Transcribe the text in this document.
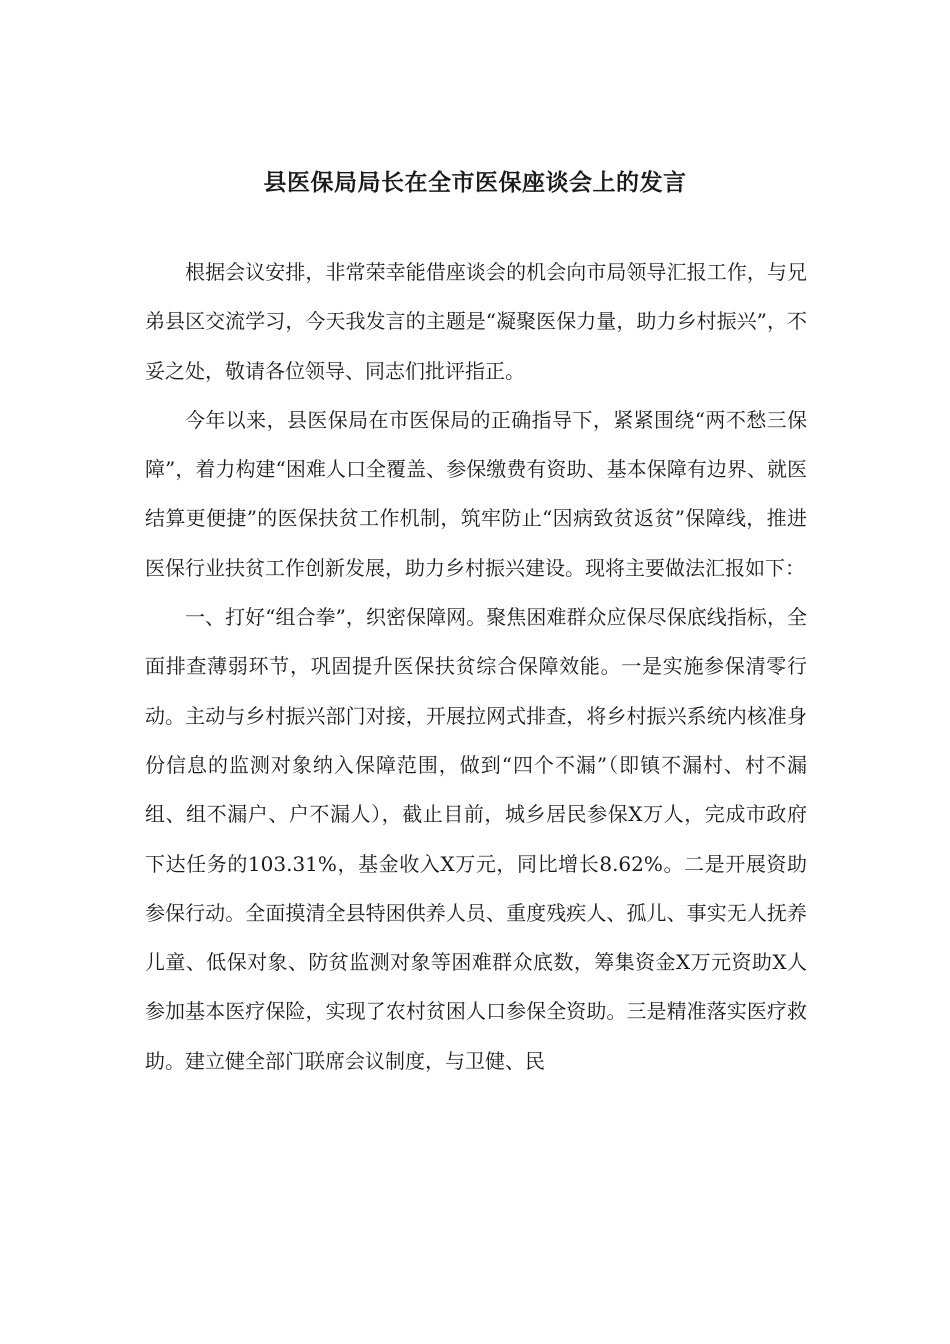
县医保局局长在全市医保座谈会上的发言

根据会议安排，非常荣幸能借座谈会的机会向市局领导汇报工作，与兄弟县区交流学习，今天我发言的主题是“凝聚医保力量，助力乡村振兴”，不妥之处，敬请各位领导、同志们批评指正。

今年以来，县医保局在市医保局的正确指导下，紧紧围绕“两不愁三保障”，着力构建“困难人口全覆盖、参保缴费有资助、基本保障有边界、就医结算更便捷”的医保扶贫工作机制，筑牢防止“因病致贫返贫”保障线，推进医保行业扶贫工作创新发展，助力乡村振兴建设。现将主要做法汇报如下：

一、打好“组合拳”，织密保障网。聚焦困难群众应保尽保底线指标，全面排查薄弱环节，巩固提升医保扶贫综合保障效能。一是实施参保清零行动。主动与乡村振兴部门对接，开展拉网式排查，将乡村振兴系统内核准身份信息的监测对象纳入保障范围，做到“四个不漏”（即镇不漏村、村不漏组、组不漏户、户不漏人），截止目前，城乡居民参保X万人，完成市政府下达任务的103.31%，基金收入X万元，同比增长8.62%。二是开展资助参保行动。全面摸清全县特困供养人员、重度残疾人、孤儿、事实无人抚养儿童、低保对象、防贫监测对象等困难群众底数，筹集资金X万元资助X人参加基本医疗保险，实现了农村贫困人口参保全资助。三是精准落实医疗救助。建立健全部门联席会议制度，与卫健、民
